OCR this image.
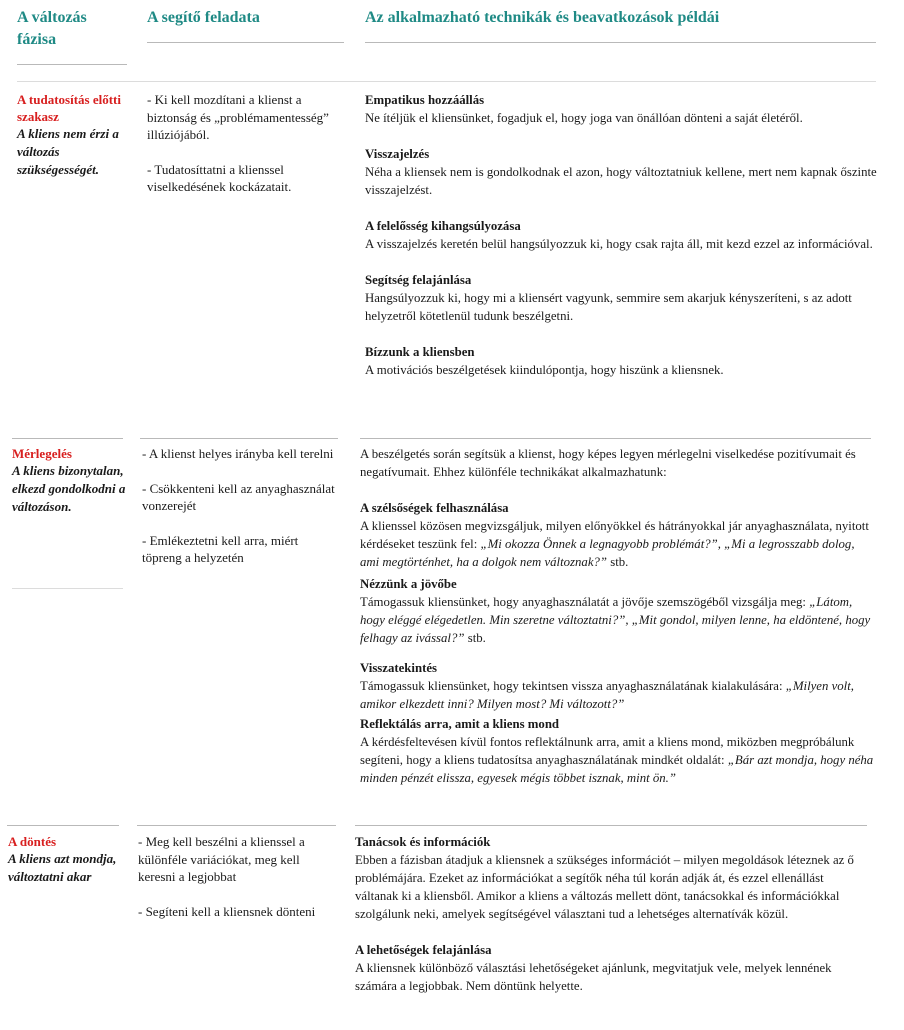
A változás fázisa
A segítő feladata	Az alkalmazható technikák és beavatkozások példái
A tudatosítás előtti szakasz
A kliens nem érzi a változás szükségességét.

- Ki kell mozdítani a klienst a biztonság és „problémamentesség” illúziójából.

- Tudatosíttatni a klienssel viselkedésének kockázatait.

Empatikus hozzáállás

Ne ítéljük el kliensünket, fogadjuk el, hogy joga van önállóan dönteni a saját életéről.

Visszajelzés

Néha a kliensek nem is gondolkodnak el azon, hogy változtatniuk kellene, mert nem kapnak őszinte visszajelzést.

A felelősség kihangsúlyozása

A visszajelzés keretén belül hangsúlyozzuk ki, hogy csak rajta áll, mit kezd ezzel az információval.

Segítség felajánlása

Hangsúlyozzuk ki, hogy mi a kliensért vagyunk, semmire sem akarjuk kényszeríteni, s az adott helyzetről kötetlenül tudunk beszélgetni.

Bízzunk a kliensben

A motivációs beszélgetések kiindulópontja, hogy hiszünk a kliensnek.

Mérlegelés
A kliens bizonytalan, elkezd gondolkodni a változáson.

- A klienst helyes irányba kell terelni

- Csökkenteni kell az anyaghasználat vonzerejét

- Emlékeztetni kell arra, miért töpreng a helyzetén

A beszélgetés során segítsük a klienst, hogy képes legyen mérlegelni viselkedése pozitívumait és negatívumait. Ehhez különféle technikákat alkalmazhatunk:

A szélsőségek felhasználása

A klienssel közösen megvizsgáljuk, milyen előnyökkel és hátrányokkal jár anyaghasználata, nyitott kérdéseket teszünk fel: „Mi okozza Önnek a legnagyobb problémát?”, „Mi a legrosszabb dolog, ami megtörténhet, ha a dolgok nem változnak?” stb.

Nézzünk a jövőbe

Támogassuk kliensünket, hogy anyaghasználatát a jövője szemszögéből vizsgálja meg: „Látom, hogy eléggé elégedetlen. Min szeretne változtatni?”, „Mit gondol, milyen lenne, ha eldöntené, hogy felhagy az ivással?” stb.

Visszatekintés

Támogassuk kliensünket, hogy tekintsen vissza anyaghasználatának kialakulására: „Milyen volt, amikor elkezdett inni? Milyen most? Mi változott?”

Reflektálás arra, amit a kliens mond

A kérdésfeltevésen kívül fontos reflektálnunk arra, amit a kliens mond, miközben megpróbálunk segíteni, hogy a kliens tudatosítsa anyaghasználatának mindkét oldalát: „Bár azt mondja, hogy néha minden pénzét elissza, egyesek mégis többet isznak, mint ön.”

A döntés
A kliens azt mondja, változtatni akar

- Meg kell beszélni a klienssel a különféle variációkat, meg kell keresni a legjobbat

- Segíteni kell a kliensnek dönteni

Tanácsok és információk

Ebben a fázisban átadjuk a kliensnek a szükséges információt – milyen megoldások léteznek az ő problémájára. Ezeket az információkat a segítők néha túl korán adják át, és ezzel ellenállást váltanak ki a kliensből. Amikor a kliens a változás mellett dönt, tanácsokkal és információkkal szolgálunk neki, amelyek segítségével választani tud a lehetséges alternatívák közül.

A lehetőségek felajánlása

A kliensnek különböző választási lehetőségeket ajánlunk, megvitatjuk vele, melyek lennének számára a legjobbak. Nem döntünk helyette.
